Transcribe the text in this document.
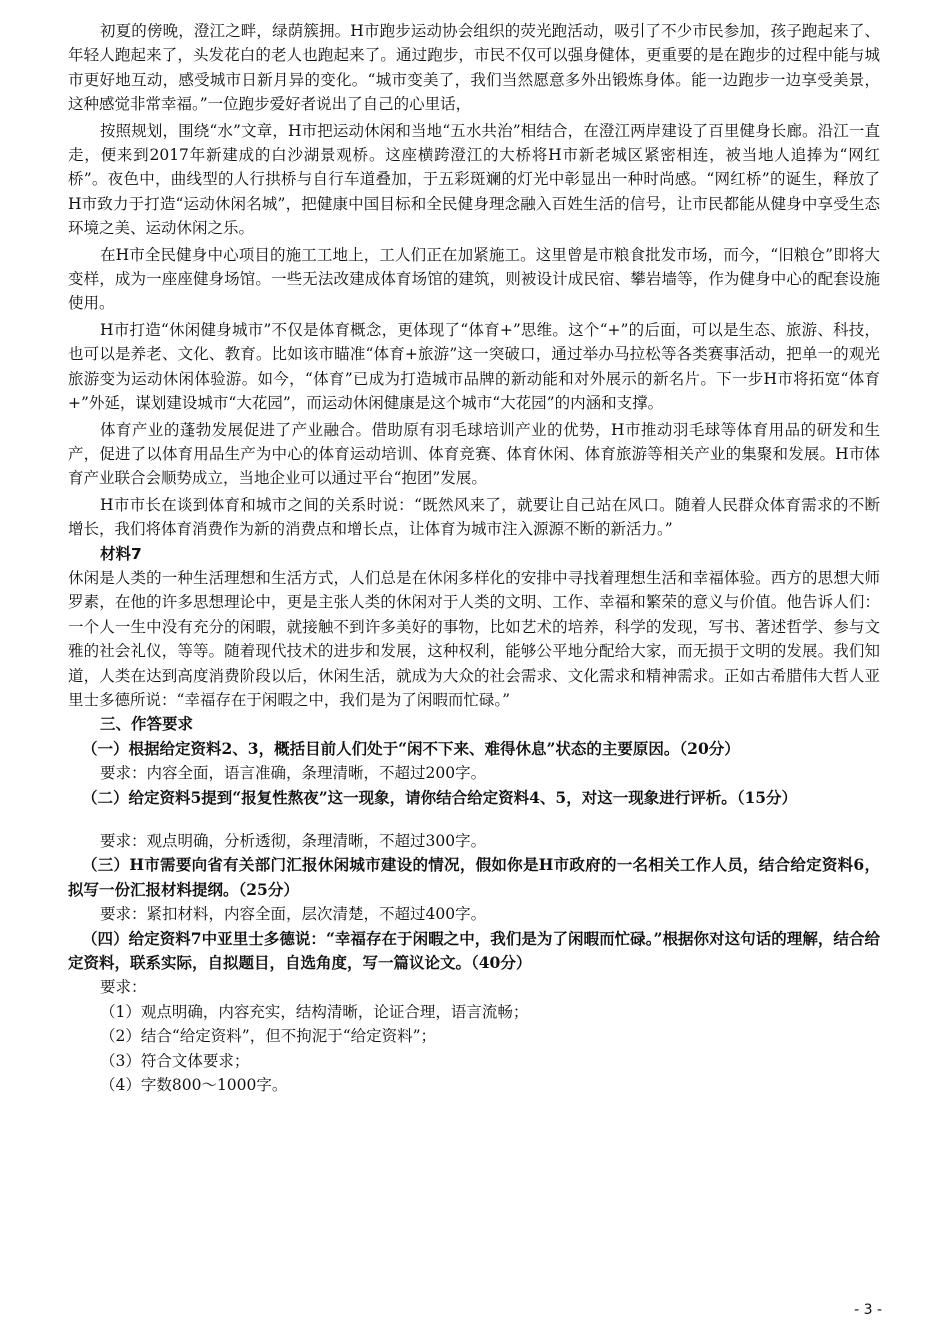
初夏的傍晚，澄江之畔，绿荫簇拥。H市跑步运动协会组织的荧光跑活动，吸引了不少市民参加，孩子跑起来了、年轻人跑起来了，头发花白的老人也跑起来了。通过跑步，市民不仅可以强身健体，更重要的是在跑步的过程中能与城市更好地互动，感受城市日新月异的变化。“城市变美了，我们当然愿意多外出锻炼身体。能一边跑步一边享受美景，这种感觉非常幸福。”一位跑步爱好者说出了自己的心里话，

按照规划，围绕“水”文章，H市把运动休闲和当地“五水共治”相结合，在澄江两岸建设了百里健身长廊。沿江一直走，便来到2017年新建成的白沙湖景观桥。这座横跨澄江的大桥将H市新老城区紧密相连，被当地人追捧为“网红桥”。夜色中，曲线型的人行拱桥与自行车道叠加，于五彩斑斓的灯光中彰显出一种时尚感。“网红桥”的诞生，释放了H市致力于打造“运动休闲名城”，把健康中国目标和全民健身理念融入百姓生活的信号，让市民都能从健身中享受生态环境之美、运动休闲之乐。

在H市全民健身中心项目的施工工地上，工人们正在加紧施工。这里曾是市粮食批发市场，而今，“旧粮仓”即将大变样，成为一座座健身场馆。一些无法改建成体育场馆的建筑，则被设计成民宿、攀岩墙等，作为健身中心的配套设施使用。

H市打造“休闲健身城市”不仅是体育概念，更体现了“体育+”思维。这个“+”的后面，可以是生态、旅游、科技，也可以是养老、文化、教育。比如该市瞄准“体育+旅游”这一突破口，通过举办马拉松等各类赛事活动，把单一的观光旅游变为运动休闲体验游。如今，“体育”已成为打造城市品牌的新动能和对外展示的新名片。下一步H市将拓宽“体育+”外延，谋划建设城市“大花园”，而运动休闲健康是这个城市“大花园”的内涵和支撑。

体育产业的蓬勃发展促进了产业融合。借助原有羽毛球培训产业的优势，H市推动羽毛球等体育用品的研发和生产，促进了以体育用品生产为中心的体育运动培训、体育竞赛、体育休闲、体育旅游等相关产业的集聚和发展。H市体育产业联合会顺势成立，当地企业可以通过平台“抱团”发展。

H市市长在谈到体育和城市之间的关系时说：“既然风来了，就要让自己站在风口。随着人民群众体育需求的不断增长，我们将体育消费作为新的消费点和增长点，让体育为城市注入源源不断的新活力。”

材料7

休闲是人类的一种生活理想和生活方式，人们总是在休闲多样化的安排中寻找着理想生活和幸福体验。西方的思想大师罗素，在他的许多思想理论中，更是主张人类的休闲对于人类的文明、工作、幸福和繁荣的意义与价值。他告诉人们：一个人一生中没有充分的闲暇，就接触不到许多美好的事物，比如艺术的培养，科学的发现，写书、著述哲学、参与文雅的社会礼仪，等等。随着现代技术的进步和发展，这种权利，能够公平地分配给大家，而无损于文明的发展。我们知道，人类在达到高度消费阶段以后，休闲生活，就成为大众的社会需求、文化需求和精神需求。正如古希腊伟大哲人亚里士多德所说：“幸福存在于闲暇之中，我们是为了闲暇而忙碌。”

三、作答要求

（一）根据给定资料2、3，概括目前人们处于“闲不下来、难得休息”状态的主要原因。（20分）

要求：内容全面，语言准确，条理清晰，不超过200字。

（二）给定资料5提到“报复性熬夜”这一现象，请你结合给定资料4、5，对这一现象进行评析。（15分）

要求：观点明确，分析透彻，条理清晰，不超过300字。

（三）H市需要向省有关部门汇报休闲城市建设的情况，假如你是H市政府的一名相关工作人员，结合给定资料6，拟写一份汇报材料提纲。（25分）

要求：紧扣材料，内容全面，层次清楚，不超过400字。

（四）给定资料7中亚里士多德说：“幸福存在于闲暇之中，我们是为了闲暇而忙碌。”根据你对这句话的理解，结合给定资料，联系实际，自拟题目，自选角度，写一篇议论文。（40分）

要求：

（1）观点明确，内容充实，结构清晰，论证合理，语言流畅；

（2）结合“给定资料”，但不拘泥于“给定资料”；

（3）符合文体要求；

（4）字数800～1000字。

- 3 -
